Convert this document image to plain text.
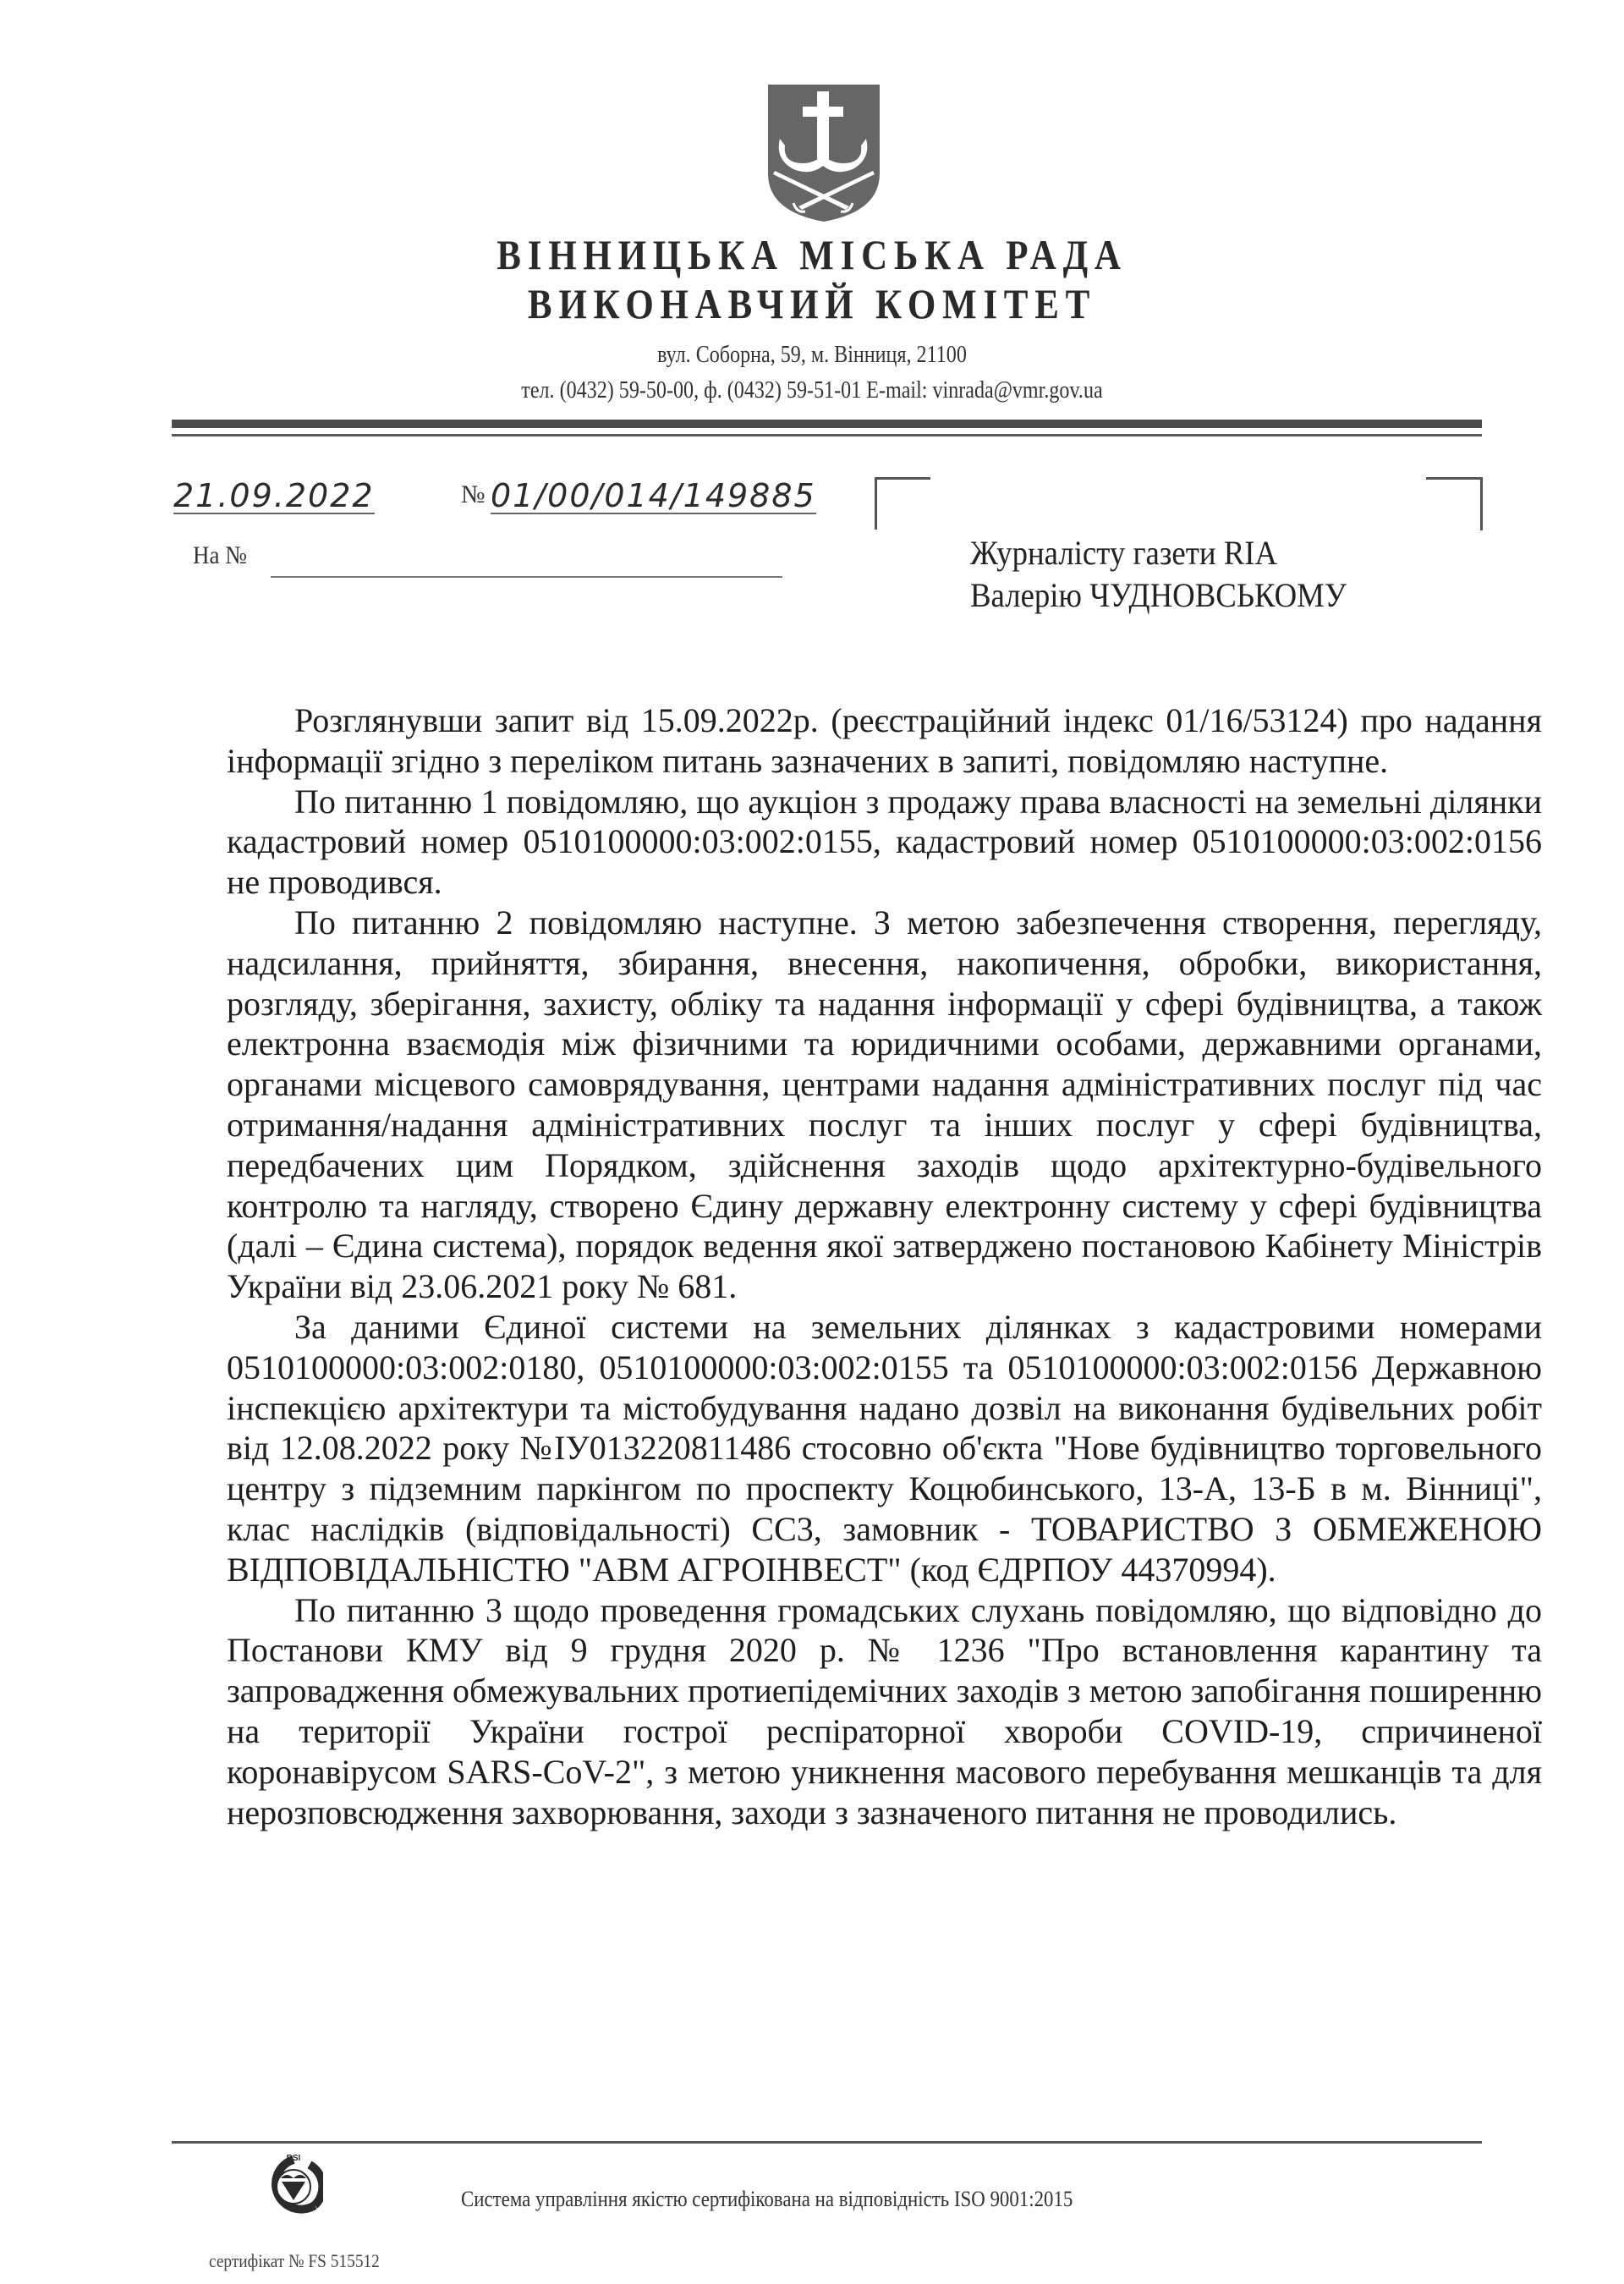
ВІННИЦЬКА МІСЬКА РАДА
ВИКОНАВЧИЙ КОМІТЕТ
вул. Соборна, 59, м. Вінниця, 21100
тел. (0432) 59-50-00, ф. (0432) 59-51-01 E-mail: vinrada@vmr.gov.ua
21.09.2022	№ 01/00/014/149885
На №	Журналісту газети RIA
Валерію ЧУДНОВСЬКОМУ

Розглянувши запит від 15.09.2022р. (реєстраційний індекс 01/16/53124) про надання інформації згідно з переліком питань зазначених в запиті, повідомляю наступне.

По питанню 1 повідомляю, що аукціон з продажу права власності на земельні ділянки кадастровий номер 0510100000:03:002:0155, кадастровий номер 0510100000:03:002:0156 не проводився.

По питанню 2 повідомляю наступне. З метою забезпечення створення, перегляду, надсилання, прийняття, збирання, внесення, накопичення, обробки, використання, розгляду, зберігання, захисту, обліку та надання інформації у сфері будівництва, а також електронна взаємодія між фізичними та юридичними особами, державними органами, органами місцевого самоврядування, центрами надання адміністративних послуг під час отримання/надання адміністративних послуг та інших послуг у сфері будівництва, передбачених цим Порядком, здійснення заходів щодо архітектурно-будівельного контролю та нагляду, створено Єдину державну електронну систему у сфері будівництва (далі – Єдина система), порядок ведення якої затверджено постановою Кабінету Міністрів України від 23.06.2021 року № 681.

За даними Єдиної системи на земельних ділянках з кадастровими номерами 0510100000:03:002:0180, 0510100000:03:002:0155 та 0510100000:03:002:0156 Державною інспекцією архітектури та містобудування надано дозвіл на виконання будівельних робіт від 12.08.2022 року №ІУ013220811486 стосовно об'єкта "Нове будівництво торговельного центру з підземним паркінгом по проспекту Коцюбинського, 13-А, 13-Б в м. Вінниці", клас наслідків (відповідальності) СС3, замовник - ТОВАРИСТВО З ОБМЕЖЕНОЮ ВІДПОВІДАЛЬНІСТЮ "АВМ АГРОІНВЕСТ" (код ЄДРПОУ 44370994).

По питанню 3 щодо проведення громадських слухань повідомляю, що відповідно до Постанови КМУ від 9 грудня 2020 р. № 1236 "Про встановлення карантину та запровадження обмежувальних протиепідемічних заходів з метою запобігання поширенню на території України гострої респіраторної хвороби COVID-19, спричиненої коронавірусом SARS-CoV-2", з метою уникнення масового перебування мешканців та для нерозповсюдження захворювання, заходи з зазначеного питання не проводились.

BSI
Система управління якістю сертифікована на відповідність ISO 9001:2015
сертифікат № FS 515512
